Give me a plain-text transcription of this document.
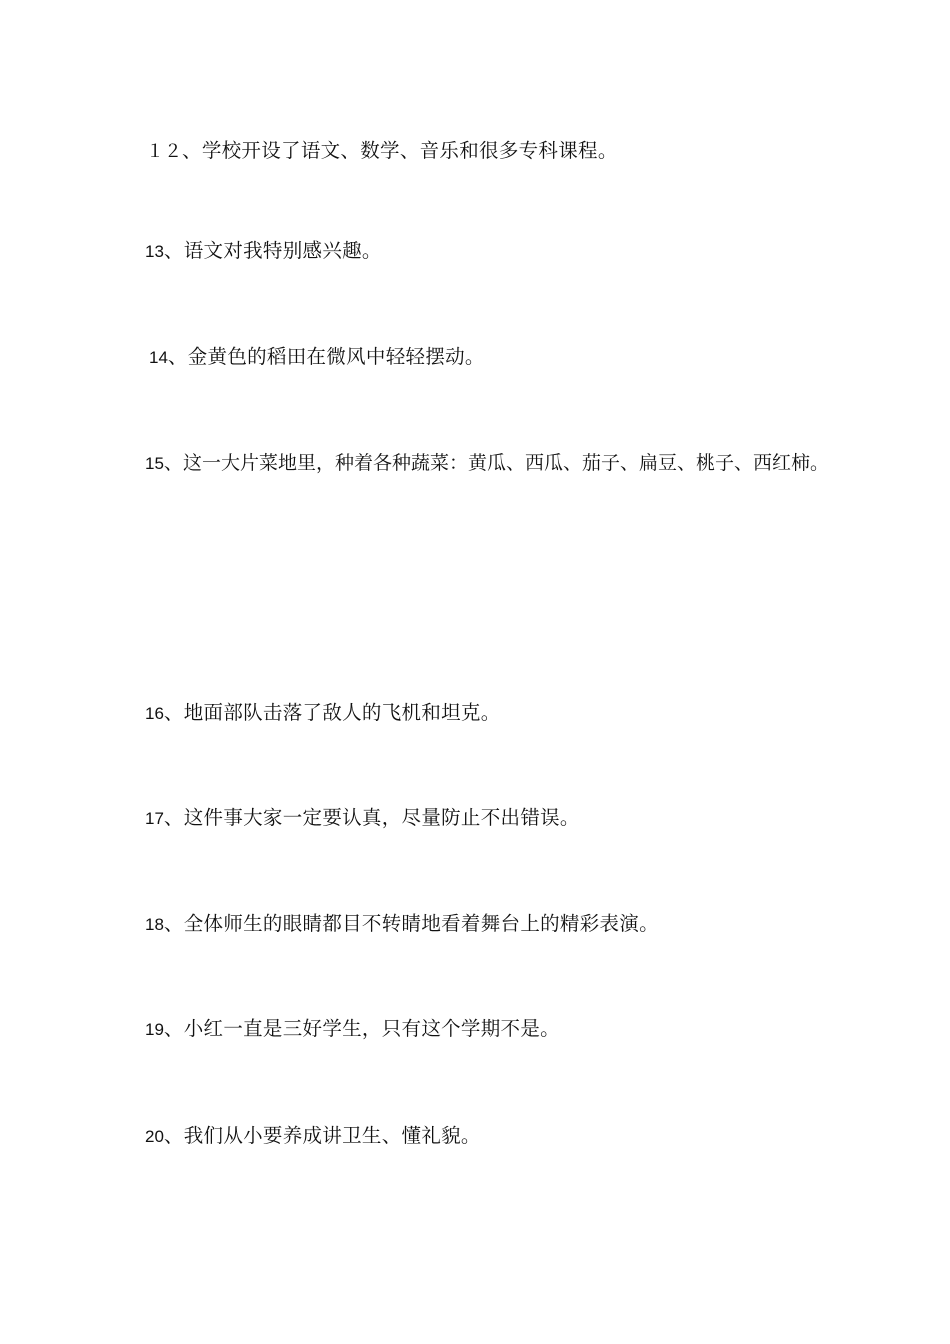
１２、学校开设了语文、数学、音乐和很多专科课程。
13、语文对我特别感兴趣。
14、金黄色的稻田在微风中轻轻摆动。
15、这一大片菜地里，种着各种蔬菜：黄瓜、西瓜、茄子、扁豆、桃子、西红柿。
16、地面部队击落了敌人的飞机和坦克。
17、这件事大家一定要认真，尽量防止不出错误。
18、全体师生的眼睛都目不转睛地看着舞台上的精彩表演。
19、小红一直是三好学生，只有这个学期不是。
20、我们从小要养成讲卫生、懂礼貌。
